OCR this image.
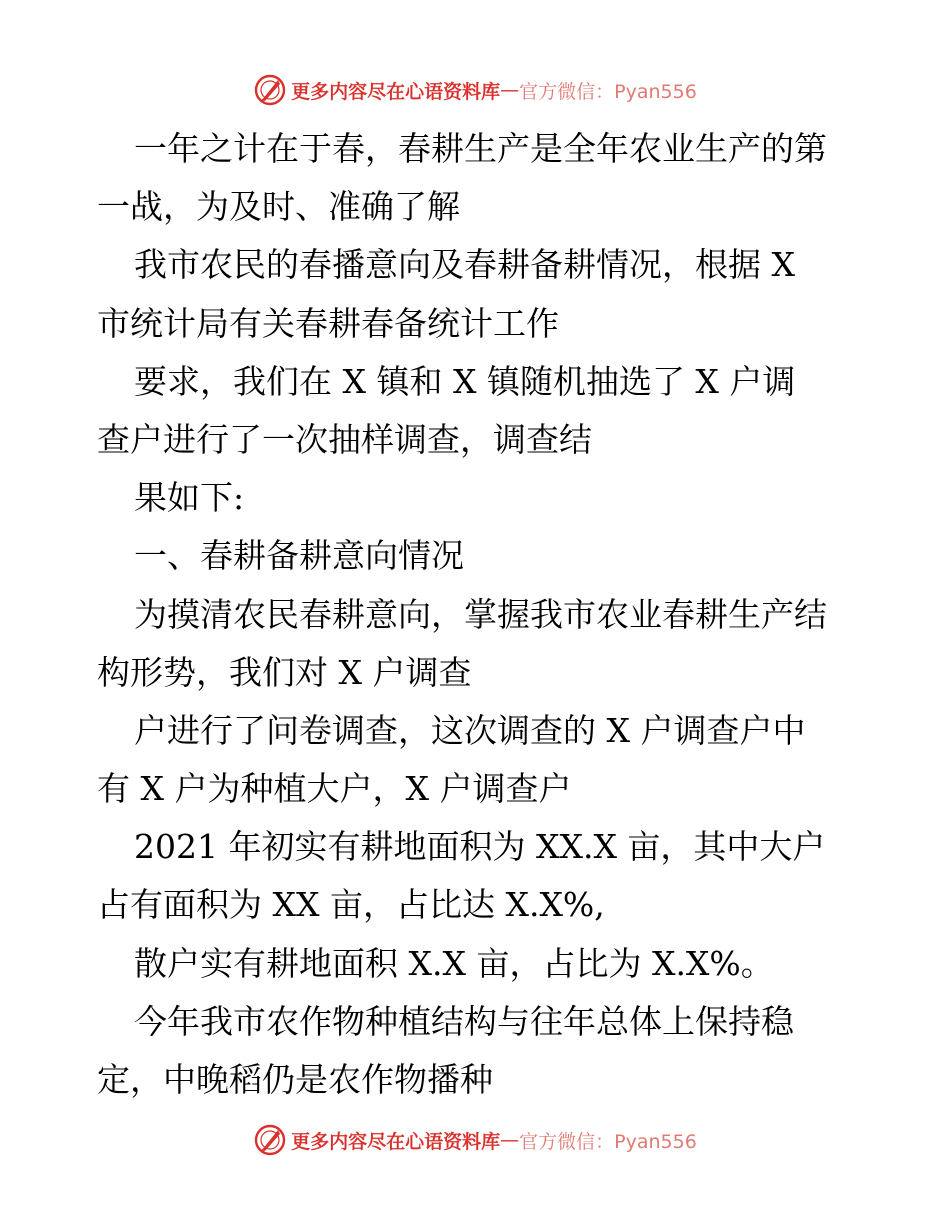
更多内容尽在心语资料库 — 官方微信：Pyan556
一年之计在于春，春耕生产是全年农业生产的第
一战，为及时、准确了解
我市农民的春播意向及春耕备耕情况，根据 X
市统计局有关春耕春备统计工作
要求，我们在 X 镇和 X 镇随机抽选了 X 户调
查户进行了一次抽样调查，调查结
果如下:
一、春耕备耕意向情况
为摸清农民春耕意向，掌握我市农业春耕生产结
构形势，我们对 X 户调查
户进行了问卷调查，这次调查的 X 户调查户中
有 X 户为种植大户，X 户调查户
2021 年初实有耕地面积为 XX.X 亩，其中大户
占有面积为 XX 亩，占比达 X.X%,
散户实有耕地面积 X.X 亩，占比为 X.X%。
今年我市农作物种植结构与往年总体上保持稳
定，中晚稻仍是农作物播种
更多内容尽在心语资料库 — 官方微信：Pyan556
